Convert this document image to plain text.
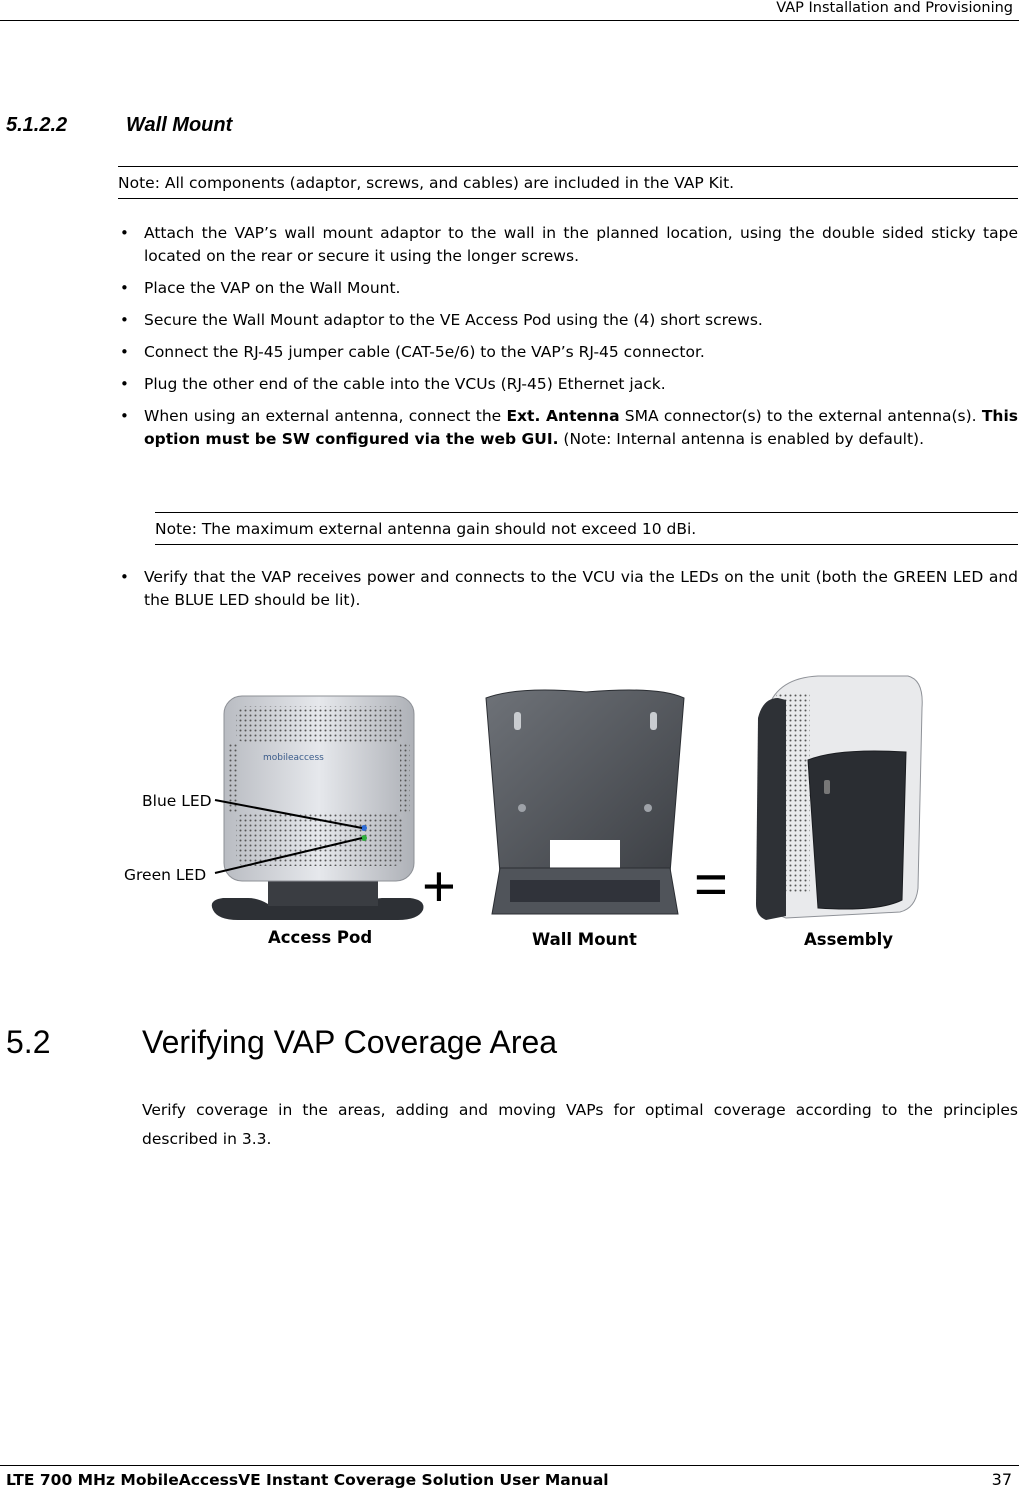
VAP Installation and Provisioning
5.1.2.2	Wall Mount
Note: All components (adaptor, screws, and cables) are included in the VAP Kit.
• Attach the VAP’s wall mount adaptor to the wall in the planned location, using the double sided sticky tape located on the rear or secure it using the longer screws.
• Place the VAP on the Wall Mount.
• Secure the Wall Mount adaptor to the VE Access Pod using the (4) short screws.
• Connect the RJ-45 jumper cable (CAT-5e/6) to the VAP’s RJ-45 connector.
• Plug the other end of the cable into the VCUs (RJ-45) Ethernet jack.
• When using an external antenna, connect the Ext. Antenna SMA connector(s) to the external antenna(s). This option must be SW configured via the web GUI. (Note: Internal antenna is enabled by default).
Note: The maximum external antenna gain should not exceed 10 dBi.
• Verify that the VAP receives power and connects to the VCU via the LEDs on the unit (both the GREEN LED and the BLUE LED should be lit).
mobileaccess
Blue LED
Green LED	+	=
Access Pod	Wall Mount	Assembly
5.2	Verifying VAP Coverage Area
Verify coverage in the areas, adding and moving VAPs for optimal coverage according to the principles described in 3.3.
LTE 700 MHz MobileAccessVE Instant Coverage Solution User Manual	37
